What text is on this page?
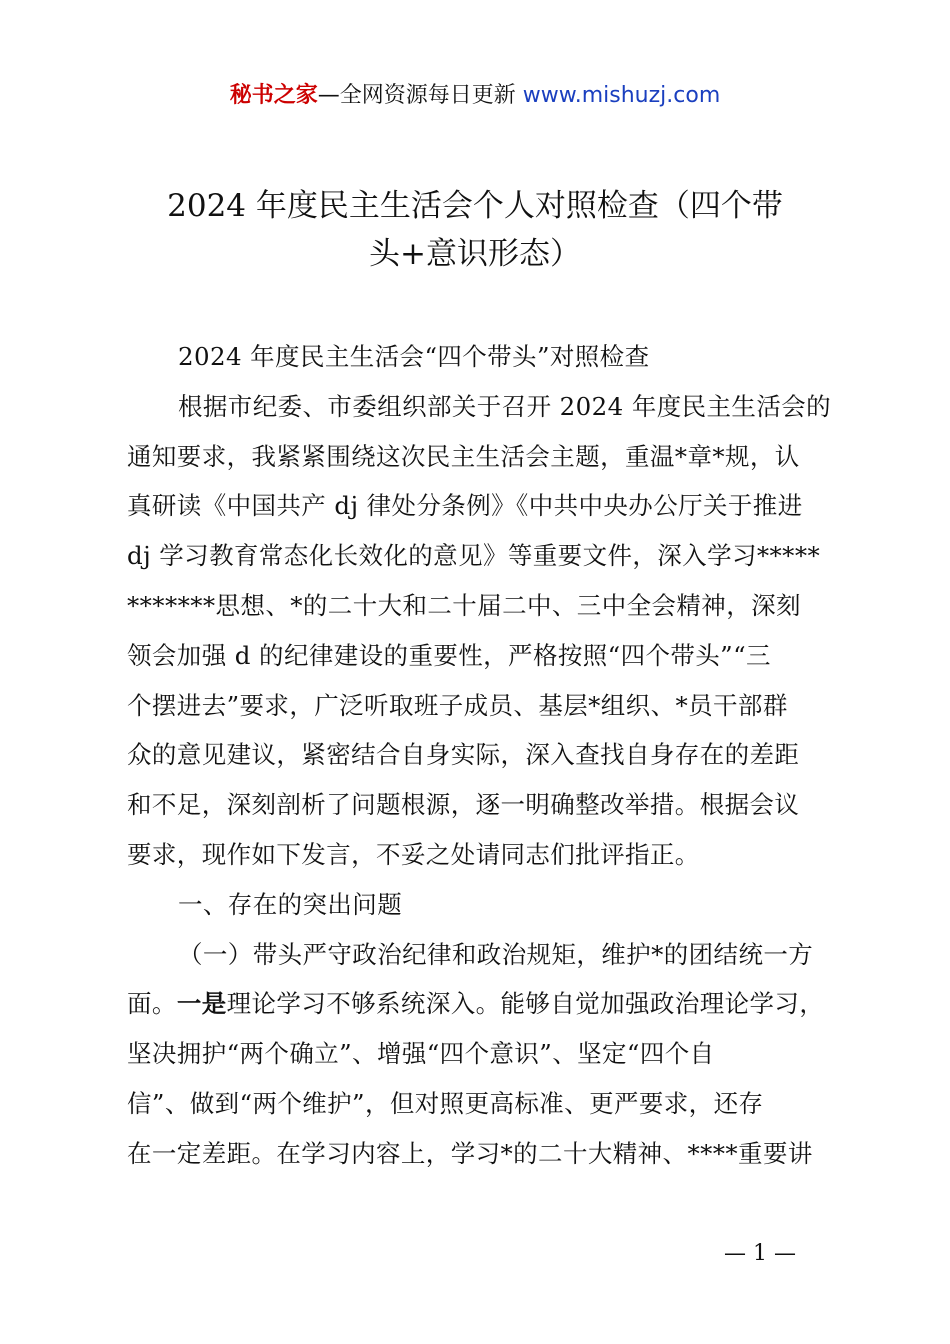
秘书之家—全网资源每日更新 www.mishuzj.com
2024 年度民主生活会个人对照检查（四个带
头+意识形态）
2024 年度民主生活会“四个带头”对照检查
根据市纪委、市委组织部关于召开 2024 年度民主生活会的
通知要求，我紧紧围绕这次民主生活会主题，重温*章*规，认
真研读《中国共产 dj 律处分条例》《中共中央办公厅关于推进
dj 学习教育常态化长效化的意见》等重要文件，深入学习*****
*******思想、*的二十大和二十届二中、三中全会精神，深刻
领会加强 d 的纪律建设的重要性，严格按照“四个带头”“三
个摆进去”要求，广泛听取班子成员、基层*组织、*员干部群
众的意见建议，紧密结合自身实际，深入查找自身存在的差距
和不足，深刻剖析了问题根源，逐一明确整改举措。根据会议
要求，现作如下发言，不妥之处请同志们批评指正。
一、存在的突出问题
（一）带头严守政治纪律和政治规矩，维护*的团结统一方
面。一是理论学习不够系统深入。能够自觉加强政治理论学习，
坚决拥护“两个确立”、增强“四个意识”、坚定“四个自
信”、做到“两个维护”，但对照更高标准、更严要求，还存
在一定差距。在学习内容上，学习*的二十大精神、****重要讲
— 1 —
